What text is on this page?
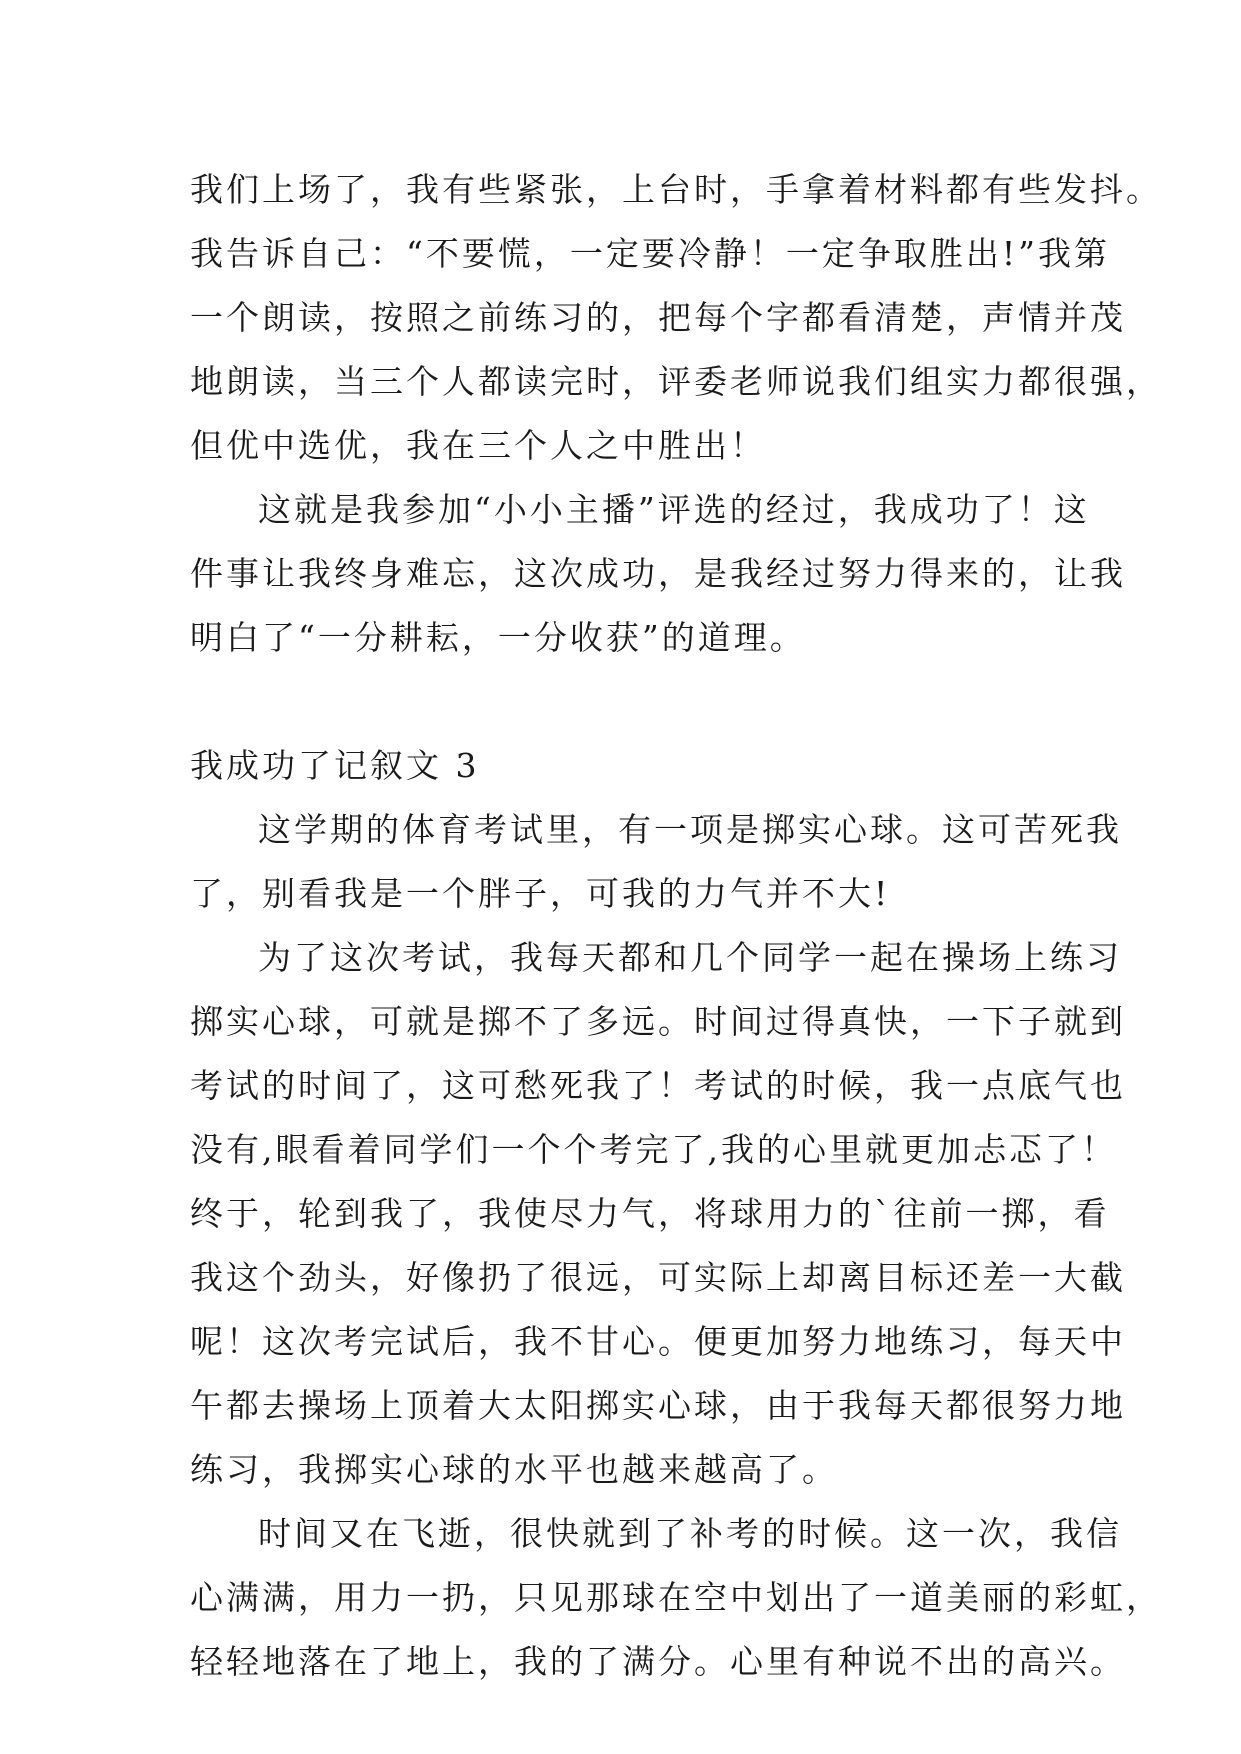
我们上场了，我有些紧张，上台时，手拿着材料都有些发抖。
我告诉自己：“不要慌，一定要冷静！一定争取胜出!”我第
一个朗读，按照之前练习的，把每个字都看清楚，声情并茂
地朗读，当三个人都读完时，评委老师说我们组实力都很强，
但优中选优，我在三个人之中胜出！
这就是我参加“小小主播”评选的经过，我成功了！这
件事让我终身难忘，这次成功，是我经过努力得来的，让我
明白了“一分耕耘，一分收获”的道理。
我成功了记叙文 3
这学期的体育考试里，有一项是掷实心球。这可苦死我
了，别看我是一个胖子，可我的力气并不大!
为了这次考试，我每天都和几个同学一起在操场上练习
掷实心球，可就是掷不了多远。时间过得真快，一下子就到
考试的时间了，这可愁死我了！考试的时候，我一点底气也
没有,眼看着同学们一个个考完了,我的心里就更加忐忑了！
终于，轮到我了，我使尽力气，将球用力的`往前一掷，看
我这个劲头，好像扔了很远，可实际上却离目标还差一大截
呢！这次考完试后，我不甘心。便更加努力地练习，每天中
午都去操场上顶着大太阳掷实心球，由于我每天都很努力地
练习，我掷实心球的水平也越来越高了。
时间又在飞逝，很快就到了补考的时候。这一次，我信
心满满，用力一扔，只见那球在空中划出了一道美丽的彩虹，
轻轻地落在了地上，我的了满分。心里有种说不出的高兴。
